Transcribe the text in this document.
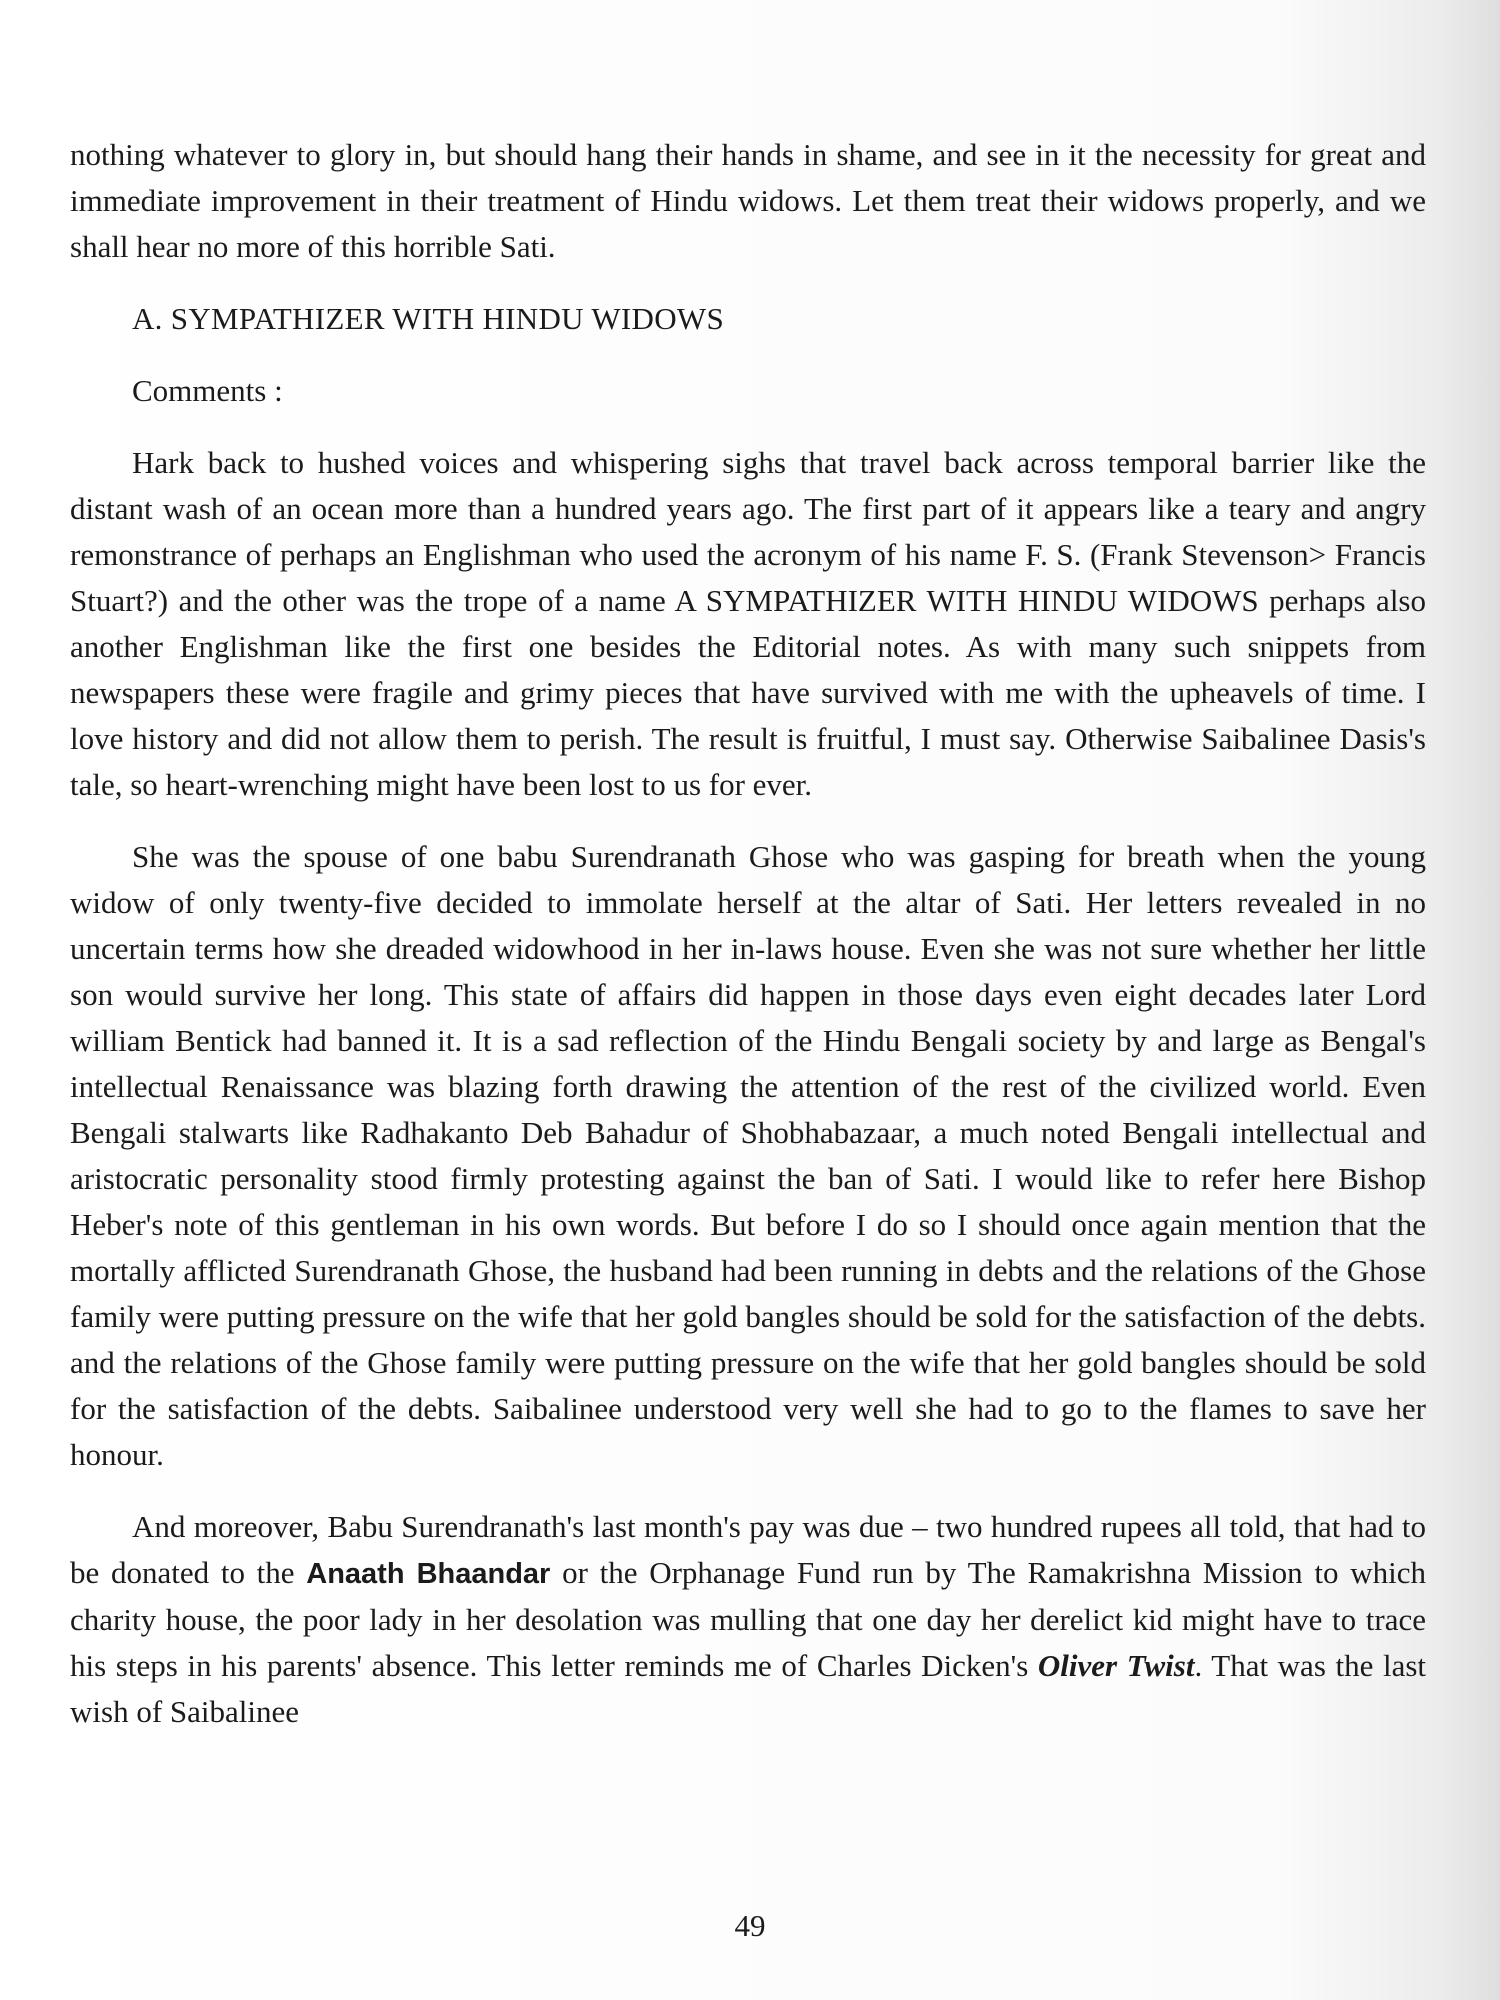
nothing whatever to glory in, but should hang their hands in shame, and see in it the necessity for great and immediate improvement in their treatment of Hindu widows. Let them treat their widows properly, and we shall hear no more of this horrible Sati.

A. SYMPATHIZER WITH HINDU WIDOWS
Comments :

Hark back to hushed voices and whispering sighs that travel back across temporal barrier like the distant wash of an ocean more than a hundred years ago. The first part of it appears like a teary and angry remonstrance of perhaps an Englishman who used the acronym of his name F. S. (Frank Stevenson> Francis Stuart?) and the other was the trope of a name A SYMPATHIZER WITH HINDU WIDOWS perhaps also another Englishman like the first one besides the Editorial notes. As with many such snippets from newspapers these were fragile and grimy pieces that have survived with me with the upheavels of time. I love history and did not allow them to perish. The result is fruitful, I must say. Otherwise Saibalinee Dasis's tale, so heart-wrenching might have been lost to us for ever.

She was the spouse of one babu Surendranath Ghose who was gasping for breath when the young widow of only twenty-five decided to immolate herself at the altar of Sati. Her letters revealed in no uncertain terms how she dreaded widowhood in her in-laws house. Even she was not sure whether her little son would survive her long. This state of affairs did happen in those days even eight decades later Lord william Bentick had banned it. It is a sad reflection of the Hindu Bengali society by and large as Bengal's intellectual Renaissance was blazing forth drawing the attention of the rest of the civilized world. Even Bengali stalwarts like Radhakanto Deb Bahadur of Shobhabazaar, a much noted Bengali intellectual and aristocratic personality stood firmly protesting against the ban of Sati. I would like to refer here Bishop Heber's note of this gentleman in his own words. But before I do so I should once again mention that the mortally afflicted Surendranath Ghose, the husband had been running in debts and the relations of the Ghose family were putting pressure on the wife that her gold bangles should be sold for the satisfaction of the debts. and the relations of the Ghose family were putting pressure on the wife that her gold bangles should be sold for the satisfaction of the debts. Saibalinee understood very well she had to go to the flames to save her honour.

And moreover, Babu Surendranath's last month's pay was due – two hundred rupees all told, that had to be donated to the Anaath Bhaandar or the Orphanage Fund run by The Ramakrishna Mission to which charity house, the poor lady in her desolation was mulling that one day her derelict kid might have to trace his steps in his parents' absence. This letter reminds me of Charles Dicken's Oliver Twist. That was the last wish of Saibalinee

49
